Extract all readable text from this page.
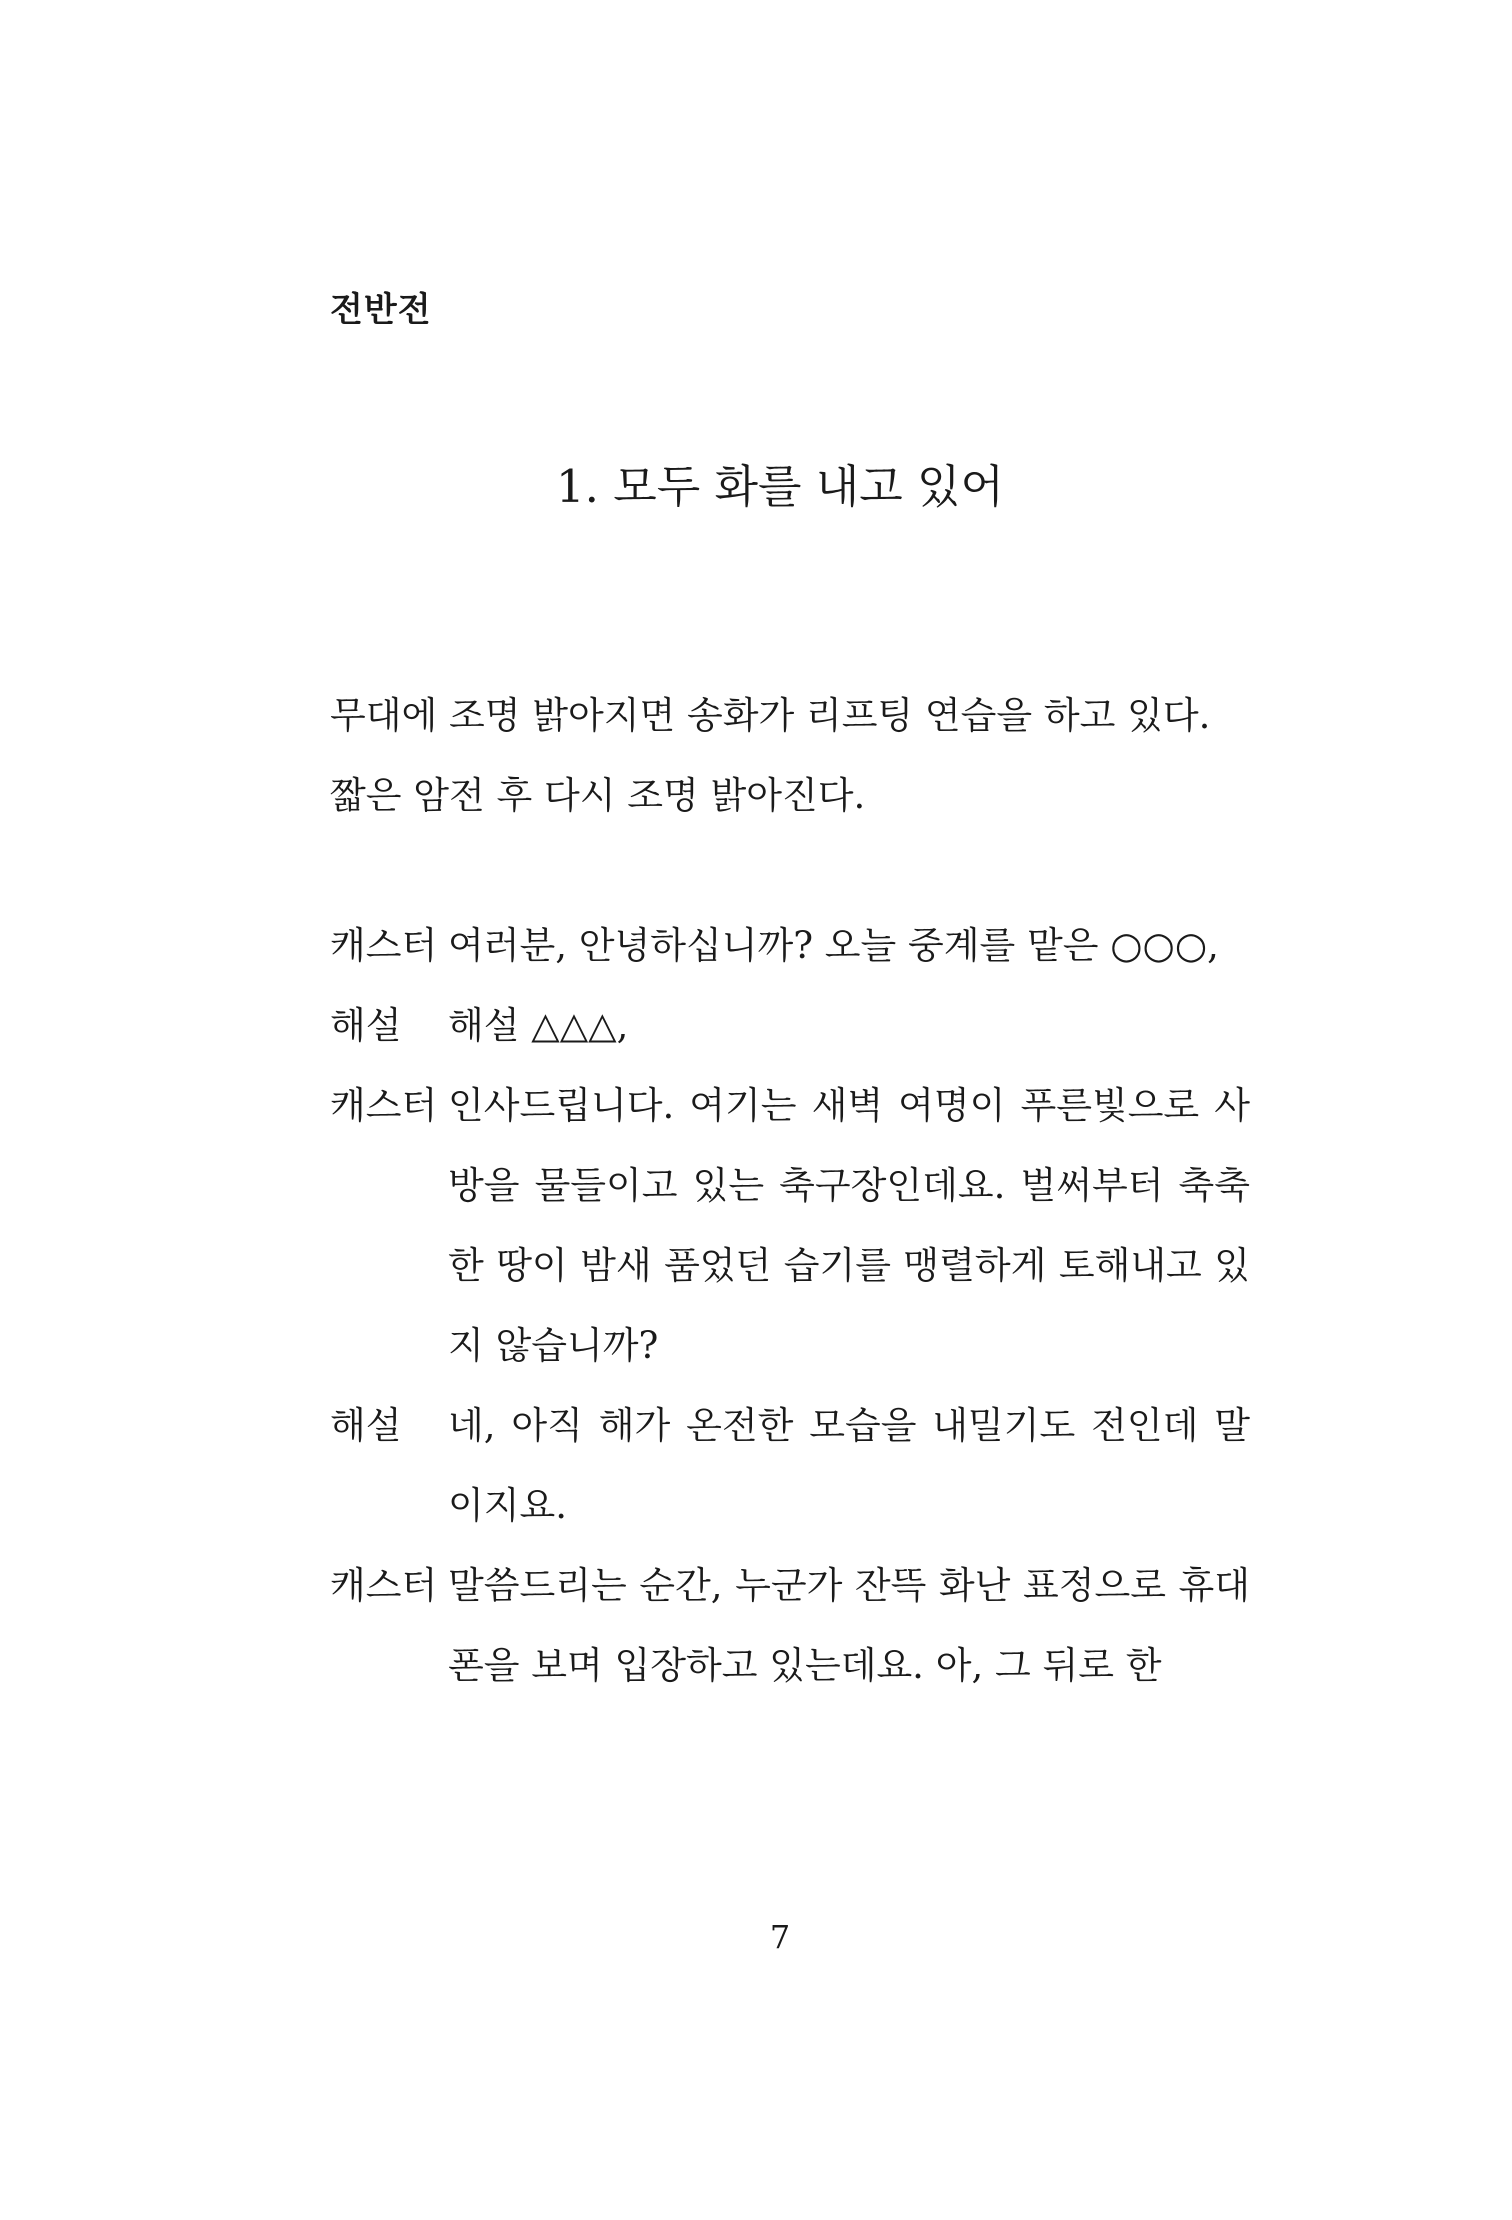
전반전
1. 모두 화를 내고 있어

무대에 조명 밝아지면 송화가 리프팅 연습을 하고 있다.

짧은 암전 후 다시 조명 밝아진다.

캐스터 여러분, 안녕하십니까? 오늘 중계를 맡은 ○○○,
해설	해설 △△△,
캐스터 인사드립니다. 여기는 새벽 여명이 푸른빛으로 사방을 물들이고 있는 축구장인데요. 벌써부터 축축한 땅이 밤새 품었던 습기를 맹렬하게 토해내고 있지 않습니까?
해설	네, 아직 해가 온전한 모습을 내밀기도 전인데 말이지요.
캐스터 말씀드리는 순간, 누군가 잔뜩 화난 표정으로 휴대폰을 보며 입장하고 있는데요. 아, 그 뒤로 한
7
